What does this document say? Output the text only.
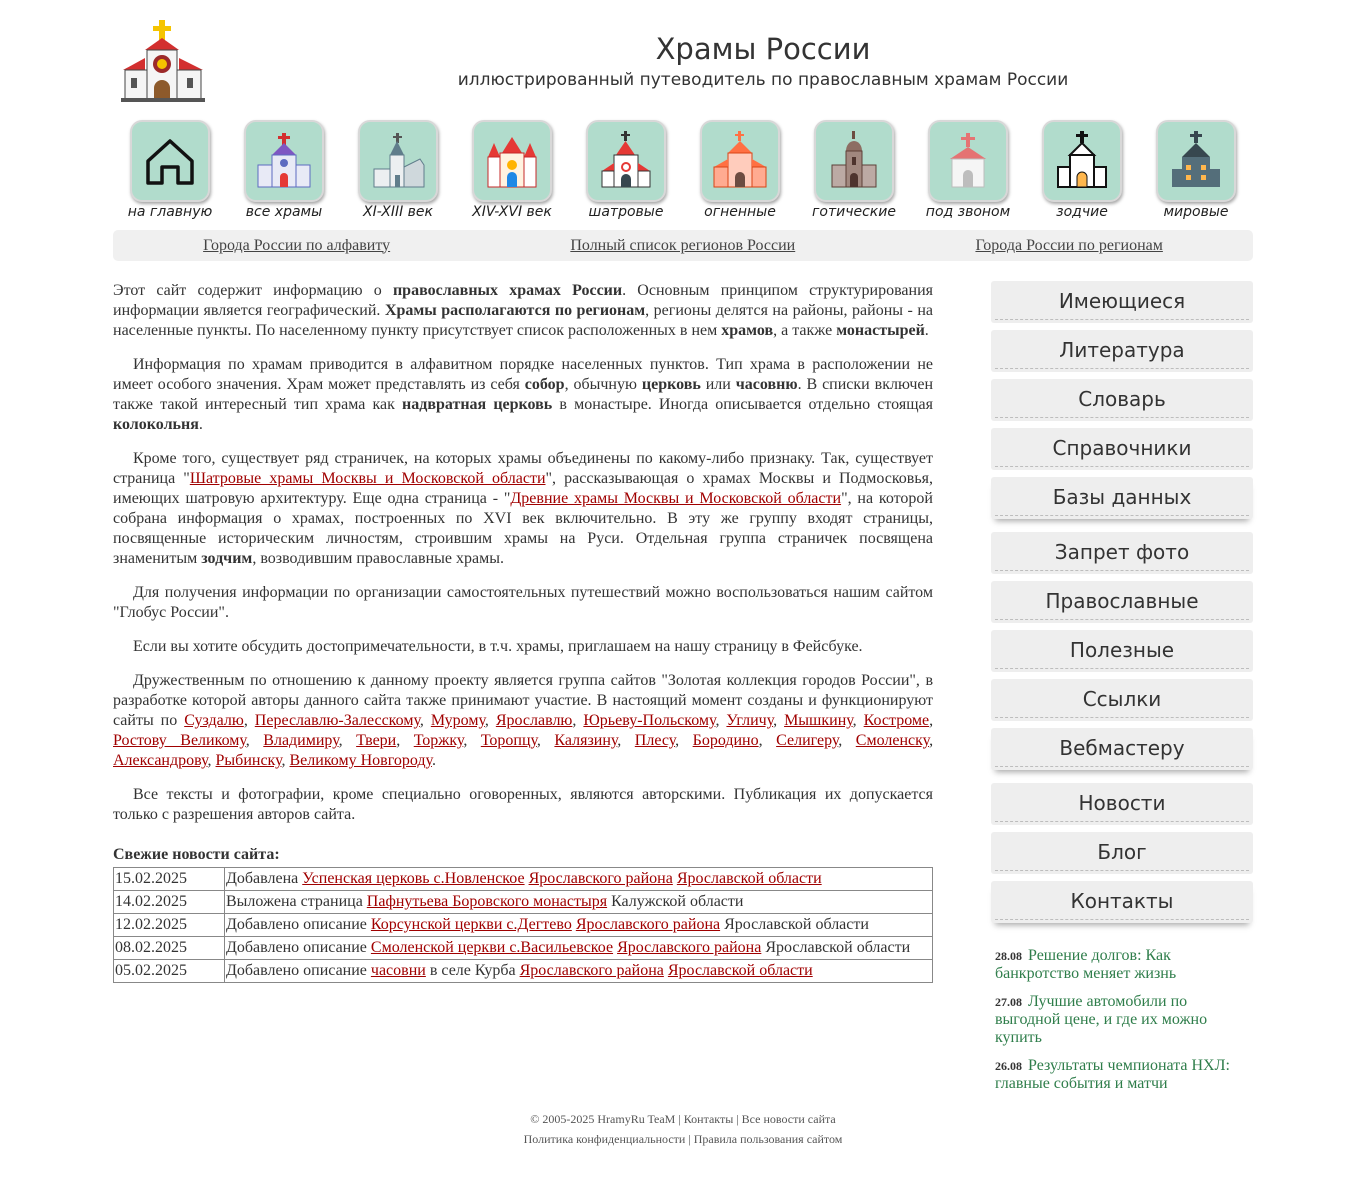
Храмы России
иллюстрированный путеводитель по православным храмам России
на главную	все храмы	XI-XIII век	XIV-XVI век	шатровые	огненные	готические	под звоном	зодчие	мировые
Города России по алфавиту	Полный список регионов России	Города России по регионам

Этот сайт содержит информацию о православных храмах России. Основным принципом структурирования информации является географический. Храмы располагаются по регионам, регионы делятся на районы, районы - на населенные пункты. По населенному пункту присутствует список расположенных в нем храмов, а также монастырей.

Информация по храмам приводится в алфавитном порядке населенных пунктов. Тип храма в расположении не имеет особого значения. Храм может представлять из себя собор, обычную церковь или часовню. В списки включен также такой интересный тип храма как надвратная церковь в монастыре. Иногда описывается отдельно стоящая колокольня.

Кроме того, существует ряд страничек, на которых храмы объединены по какому-либо признаку. Так, существует страница "Шатровые храмы Москвы и Московской области", рассказывающая о храмах Москвы и Подмосковья, имеющих шатровую архитектуру. Еще одна страница - "Древние храмы Москвы и Московской области", на которой собрана информация о храмах, построенных по XVI век включительно. В эту же группу входят страницы, посвященные историческим личностям, строившим храмы на Руси. Отдельная группа страничек посвящена знаменитым зодчим, возводившим православные храмы.

Для получения информации по организации самостоятельных путешествий можно воспользоваться нашим сайтом "Глобус России".

Если вы хотите обсудить достопримечательности, в т.ч. храмы, приглашаем на нашу страницу в Фейсбуке.

Дружественным по отношению к данному проекту является группа сайтов "Золотая коллекция городов России", в разработке которой авторы данного сайта также принимают участие. В настоящий момент созданы и функционируют сайты по Суздалю, Переславлю-Залесскому, Мурому, Ярославлю, Юрьеву-Польскому, Угличу, Мышкину, Костроме, Ростову Великому, Владимиру, Твери, Торжку, Торопцу, Калязину, Плесу, Бородино, Селигеру, Смоленску, Александрову, Рыбинску, Великому Новгороду.

Все тексты и фотографии, кроме специально оговоренных, являются авторскими. Публикация их допускается только с разрешения авторов сайта.

Свежие новости сайта:
15.02.2025	Добавлена Успенская церковь с.Новленское Ярославского района Ярославской области
14.02.2025	Выложена страница Пафнутьева Боровского монастыря Калужской области
12.02.2025	Добавлено описание Корсунской церкви с.Дегтево Ярославского района Ярославской области
08.02.2025	Добавлено описание Смоленской церкви с.Васильевское Ярославского района Ярославской области
05.02.2025	Добавлено описание часовни в селе Курба Ярославского района Ярославской области
Имеющиеся
Литература
Словарь
Справочники
Базы данных
Запрет фото
Православные
Полезные
Ссылки
Вебмастеру
Новости
Блог
Контакты
28.08 Решение долгов: Как банкротство меняет жизнь
27.08 Лучшие автомобили по выгодной цене, и где их можно купить
26.08 Результаты чемпионата НХЛ: главные события и матчи
© 2005-2025 HramyRu TeaM | Контакты | Все новости сайта
Политика конфиденциальности | Правила пользования сайтом
